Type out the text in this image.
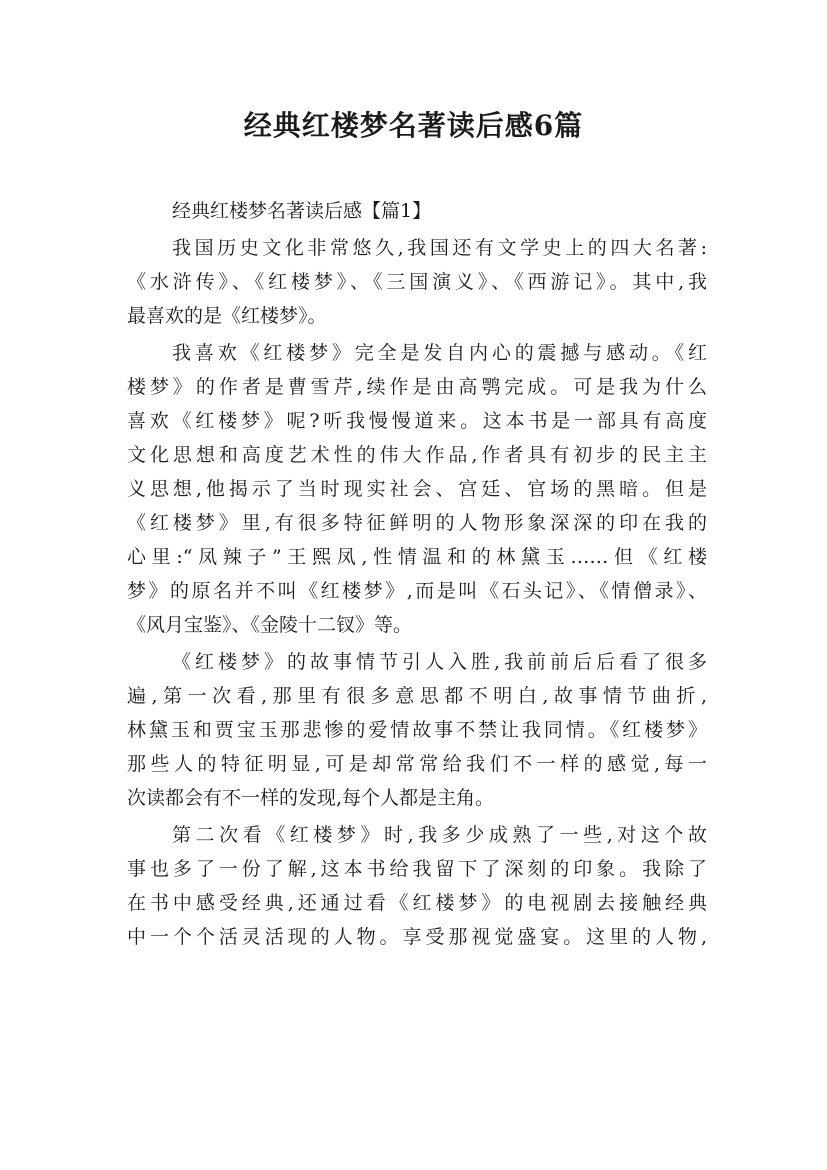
经典红楼梦名著读后感6篇
经典红楼梦名著读后感【篇1】
我国历史文化非常悠久,我国还有文学史上的四大名著:
《水浒传》、《红楼梦》、《三国演义》、《西游记》。其中,我
最喜欢的是《红楼梦》。
我喜欢《红楼梦》完全是发自内心的震撼与感动。《红
楼梦》的作者是曹雪芹,续作是由高鹗完成。可是我为什么
喜欢《红楼梦》呢?听我慢慢道来。这本书是一部具有高度
文化思想和高度艺术性的伟大作品,作者具有初步的民主主
义思想,他揭示了当时现实社会、宫廷、官场的黑暗。但是
《红楼梦》里,有很多特征鲜明的人物形象深深的印在我的
心里:“凤辣子”王熙凤,性情温和的林黛玉……但《红楼
梦》的原名并不叫《红楼梦》,而是叫《石头记》、《情僧录》、
《风月宝鉴》、《金陵十二钗》等。
《红楼梦》的故事情节引人入胜,我前前后后看了很多
遍,第一次看,那里有很多意思都不明白,故事情节曲折,
林黛玉和贾宝玉那悲惨的爱情故事不禁让我同情。《红楼梦》
那些人的特征明显,可是却常常给我们不一样的感觉,每一
次读都会有不一样的发现,每个人都是主角。
第二次看《红楼梦》时,我多少成熟了一些,对这个故
事也多了一份了解,这本书给我留下了深刻的印象。我除了
在书中感受经典,还通过看《红楼梦》的电视剧去接触经典
中一个个活灵活现的人物。享受那视觉盛宴。这里的人物,
